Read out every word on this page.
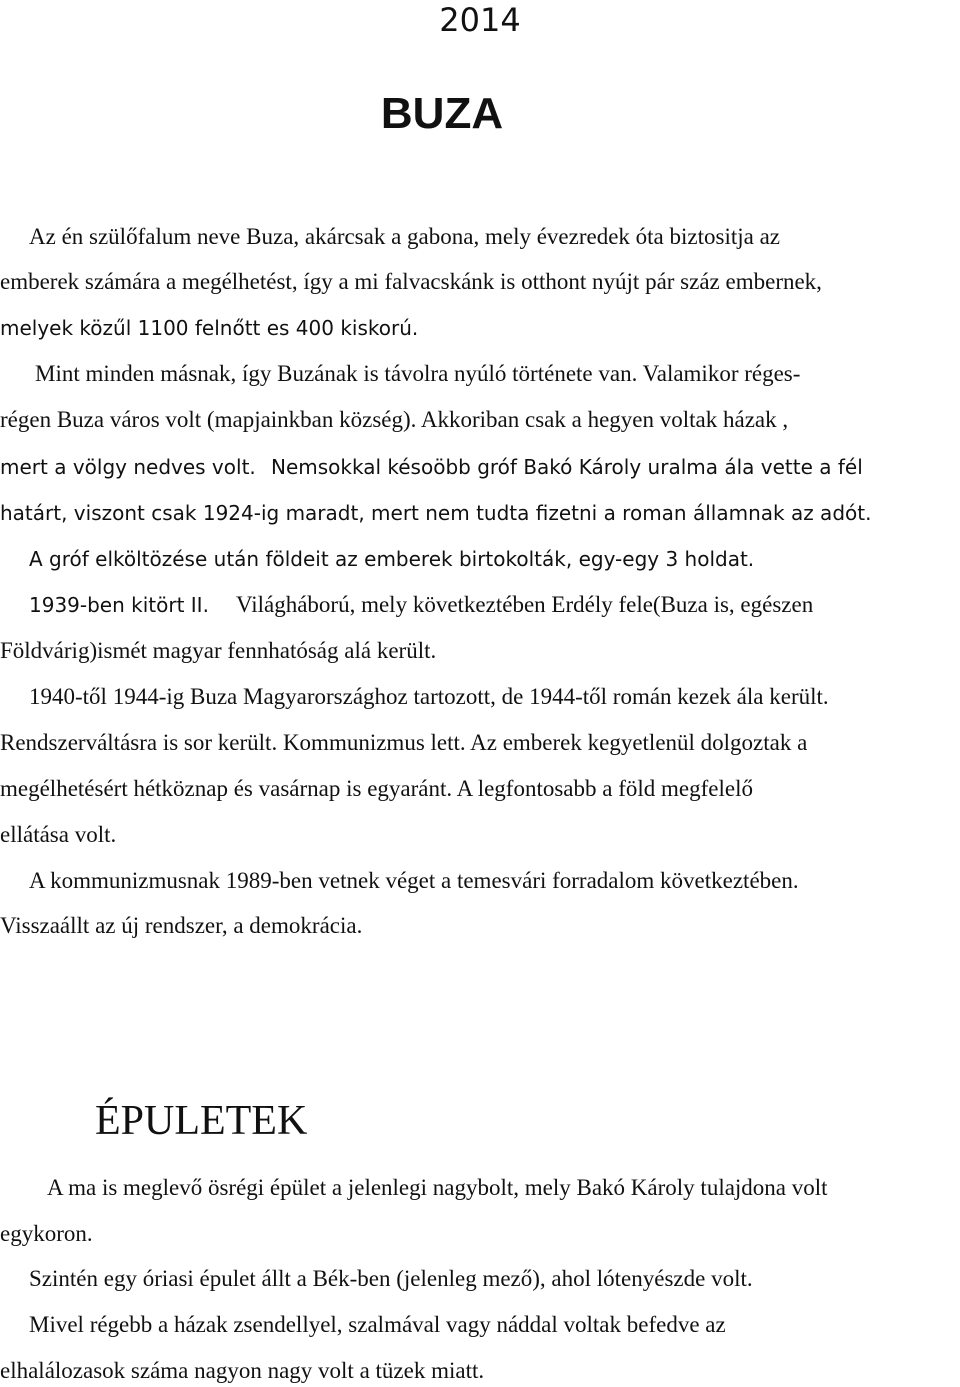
2014
BUZA
Az én szülőfalum neve Buza, akárcsak a gabona, mely évezredek óta biztositja az
emberek számára a megélhetést, így a mi falvacskánk is otthont nyújt pár száz embernek,
melyek közűl 1100 felnőtt es 400 kiskorú.
Mint minden másnak, így Buzának is távolra nyúló története van. Valamikor réges-
régen Buza város volt (mapjainkban község). Akkoriban csak a hegyen voltak házak ,
mert a völgy nedves volt. Nemsokkal késoöbb gróf Bakó Károly uralma ála vette a fél
határt, viszont csak 1924-ig maradt, mert nem tudta fizetni a roman államnak az adót.
A gróf elköltözése után földeit az emberek birtokolták, egy-egy 3 holdat.
1939-ben kitört II. Világháború, mely következtében Erdély fele(Buza is, egészen
Földvárig)ismét magyar fennhatóság alá került.
1940-től 1944-ig Buza Magyarországhoz tartozott, de 1944-től román kezek ála került.
Rendszerváltásra is sor került. Kommunizmus lett. Az emberek kegyetlenül dolgoztak a
megélhetésért hétköznap és vasárnap is egyaránt. A legfontosabb a föld megfelelő
ellátása volt.
A kommunizmusnak 1989-ben vetnek véget a temesvári forradalom következtében.
Visszaállt az új rendszer, a demokrácia.
ÉPULETEK
A ma is meglevő ösrégi épület a jelenlegi nagybolt, mely Bakó Károly tulajdona volt
egykoron.
Szintén egy óriasi épulet állt a Bék-ben (jelenleg mező), ahol lótenyészde volt.
Mivel régebb a házak zsendellyel, szalmával vagy náddal voltak befedve az
elhalálozasok száma nagyon nagy volt a tüzek miatt.
